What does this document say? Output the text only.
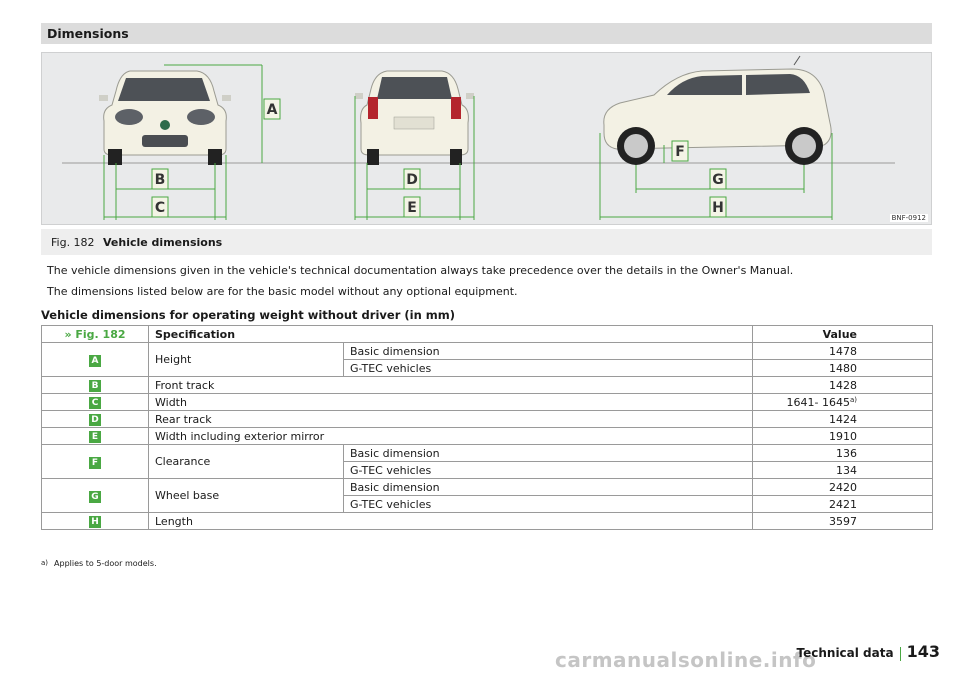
Dimensions
A
B
C
D
E
F
G
H
BNF-0912
Fig. 182 Vehicle dimensions
The vehicle dimensions given in the vehicle's technical documentation always take precedence over the details in the Owner's Manual.
The dimensions listed below are for the basic model without any optional equipment.
Vehicle dimensions for operating weight without driver (in mm)
» Fig. 182	Specification		Value
A	Height	Basic dimension	1478
		G-TEC vehicles	1480
B	Front track		1428
C	Width		1641- 1645$^{a)}$
D	Rear track		1424
E	Width including exterior mirror		1910
F	Clearance	Basic dimension	136
		G-TEC vehicles	134
G	Wheel base	Basic dimension	2420
		G-TEC vehicles	2421
H	Length		3597
$^{a)}$ Applies to 5-door models.
carmanualsonline.info
Technical data 143
